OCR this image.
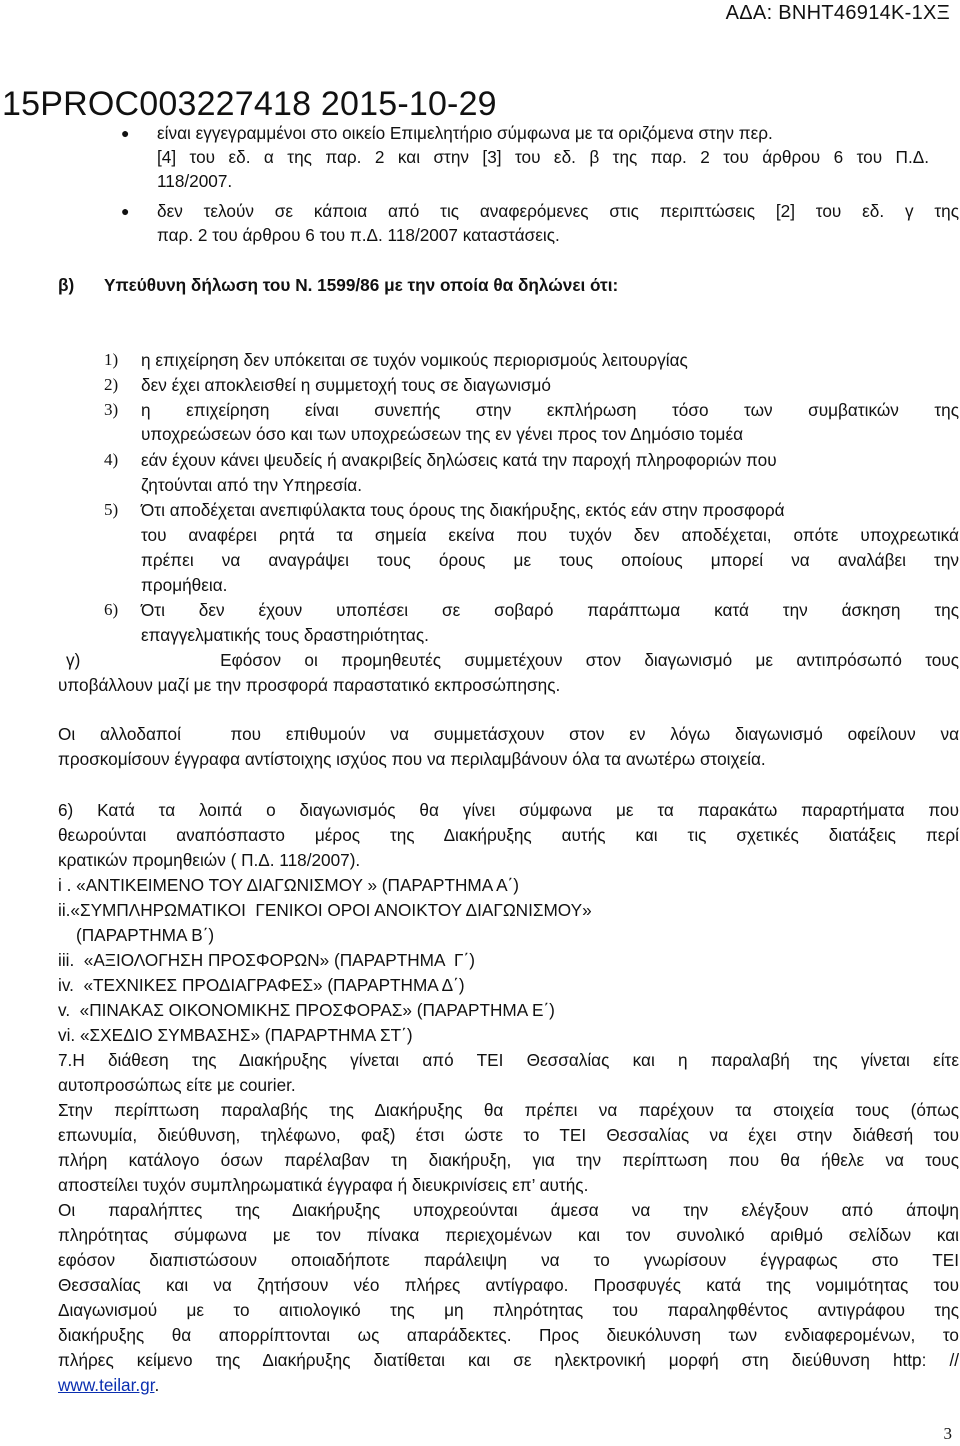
ΑΔΑ: ΒΝΗΤ46914Κ-1ΧΞ
15PROC003227418 2015-10-29
● είναι εγγεγραμμένοι στο οικείο Επιμελητήριο σύμφωνα με τα οριζόμενα στην περ.
[4] του εδ. α της παρ. 2 και στην [3] του εδ. β της παρ. 2 του άρθρου 6 του Π.Δ.
118/2007.
● δεν τελούν σε κάποια από τις αναφερόμενες στις περιπτώσεις [2] του εδ. γ της
παρ. 2 του άρθρου 6 του π.Δ. 118/2007 καταστάσεις.
β) Υπεύθυνη δήλωση του Ν. 1599/86 με την οποία θα δηλώνει ότι:
1) η επιχείρηση δεν υπόκειται σε τυχόν νομικούς περιορισμούς λειτουργίας
2) δεν έχει αποκλεισθεί η συμμετοχή τους σε διαγωνισμό
3) η επιχείρηση είναι συνεπής στην εκπλήρωση τόσο των συμβατικών της
υποχρεώσεων όσο και των υποχρεώσεων της εν γένει προς τον Δημόσιο τομέα
4) εάν έχουν κάνει ψευδείς ή ανακριβείς δηλώσεις κατά την παροχή πληροφοριών που
ζητούνται από την Υπηρεσία.
5) Ότι αποδέχεται ανεπιφύλακτα τους όρους της διακήρυξης, εκτός εάν στην προσφορά
του αναφέρει ρητά τα σημεία εκείνα που τυχόν δεν αποδέχεται, οπότε υποχρεωτικά
πρέπει να αναγράψει τους όρους με τους οποίους μπορεί να αναλάβει την
προμήθεια.
6) Ότι δεν έχουν υποπέσει σε σοβαρό παράπτωμα κατά την άσκηση της
επαγγελματικής τους δραστηριότητας.
γ)      Εφόσον οι προμηθευτές συμμετέχουν στον διαγωνισμό με αντιπρόσωπό τους
υποβάλλουν μαζί με την προσφορά παραστατικό εκπροσώπησης.
Οι αλλοδαποί  που επιθυμούν να συμμετάσχουν στον εν λόγω διαγωνισμό οφείλουν να
προσκομίσουν έγγραφα αντίστοιχης ισχύος που να περιλαμβάνουν όλα τα ανωτέρω στοιχεία.
6) Κατά τα λοιπά ο διαγωνισμός θα γίνει σύμφωνα με τα παρακάτω παραρτήματα που
θεωρούνται αναπόσπαστο μέρος της Διακήρυξης αυτής και τις σχετικές διατάξεις περί
κρατικών προμηθειών ( Π.Δ. 118/2007).
i . «ΑΝΤΙΚΕΙΜΕΝΟ ΤΟΥ ΔΙΑΓΩΝΙΣΜΟΥ » (ΠΑΡΑΡΤΗΜΑ Α΄)
ii.«ΣΥΜΠΛΗΡΩΜΑΤΙΚΟΙ  ΓΕΝΙΚΟΙ ΟΡΟΙ ΑΝΟΙΚΤΟΥ ΔΙΑΓΩΝΙΣΜΟΥ»
(ΠΑΡΑΡΤΗΜΑ Β΄)
iii.  «ΑΞΙΟΛΟΓΗΣΗ ΠΡΟΣΦΟΡΩΝ» (ΠΑΡΑΡΤΗΜΑ  Γ΄)
iv.  «ΤΕΧΝΙΚΕΣ ΠΡΟΔΙΑΓΡΑΦΕΣ» (ΠΑΡΑΡΤΗΜΑ Δ΄)
v.  «ΠΙΝΑΚΑΣ ΟΙΚΟΝΟΜΙΚΗΣ ΠΡΟΣΦΟΡΑΣ» (ΠΑΡΑΡΤΗΜΑ Ε΄)
vi. «ΣΧΕΔΙΟ ΣΥΜΒΑΣΗΣ» (ΠΑΡΑΡΤΗΜΑ ΣΤ΄)
7.Η διάθεση της Διακήρυξης γίνεται από ΤΕΙ Θεσσαλίας και η παραλαβή της γίνεται είτε
αυτοπροσώπως είτε με courier.
Στην περίπτωση παραλαβής της Διακήρυξης θα πρέπει να παρέχουν τα στοιχεία τους (όπως
επωνυμία, διεύθυνση, τηλέφωνο, φαξ) έτσι ώστε το ΤΕΙ Θεσσαλίας να έχει στην διάθεσή του
πλήρη κατάλογο όσων παρέλαβαν τη διακήρυξη, για την περίπτωση που θα ήθελε να τους
αποστείλει τυχόν συμπληρωματικά έγγραφα ή διευκρινίσεις επ’ αυτής.
Οι παραλήπτες της Διακήρυξης υποχρεούνται άμεσα να την ελέγξουν από άποψη
πληρότητας σύμφωνα με τον πίνακα περιεχομένων και τον συνολικό αριθμό σελίδων και
εφόσον διαπιστώσουν οποιαδήποτε παράλειψη να το γνωρίσουν έγγραφως στο ΤΕΙ
Θεσσαλίας και να ζητήσουν νέο πλήρες αντίγραφο. Προσφυγές κατά της νομιμότητας του
Διαγωνισμού με το αιτιολογικό της μη πληρότητας του παραληφθέντος αντιγράφου της
διακήρυξης θα απορρίπτονται ως απαράδεκτες. Προς διευκόλυνση των ενδιαφερομένων, το
πλήρες κείμενο της Διακήρυξης διατίθεται και σε ηλεκτρονική μορφή στη διεύθυνση http: //
www.teilar.gr.
3
